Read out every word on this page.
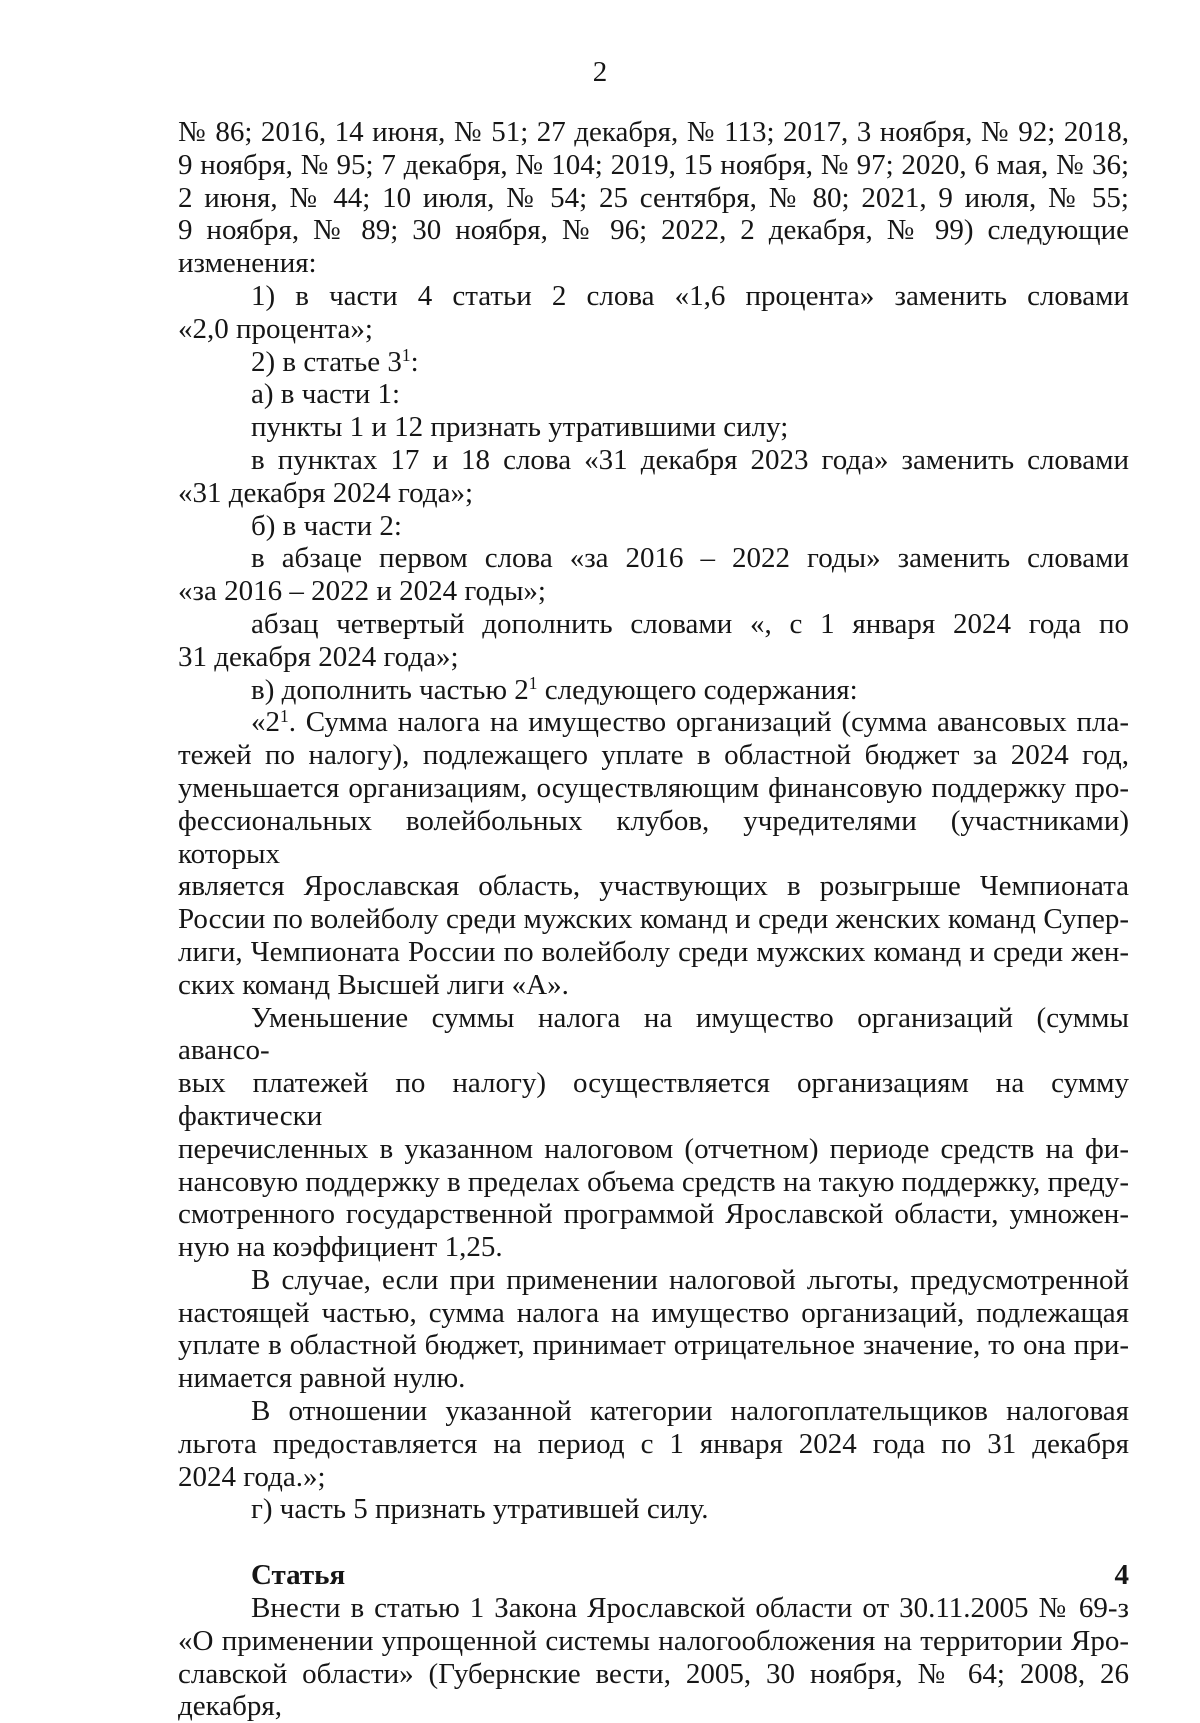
2

№ 86; 2016, 14 июня, № 51; 27 декабря, № 113; 2017, 3 ноября, № 92; 2018,

9 ноября, № 95; 7 декабря, № 104; 2019, 15 ноября, № 97; 2020, 6 мая, № 36;

2 июня, № 44; 10 июля, № 54; 25 сентября, № 80; 2021, 9 июля, № 55;

9 ноября, № 89; 30 ноября, № 96; 2022, 2 декабря, № 99) следующие

изменения:

1) в части 4 статьи 2 слова «1,6 процента» заменить словами

«2,0 процента»;

2) в статье $3^1$:

а) в части 1:

пункты 1 и 12 признать утратившими силу;

в пунктах 17 и 18 слова «31 декабря 2023 года» заменить словами

«31 декабря 2024 года»;

б) в части 2:

в абзаце первом слова «за 2016 – 2022 годы» заменить словами

«за 2016 – 2022 и 2024 годы»;

абзац четвертый дополнить словами «, с 1 января 2024 года по

31 декабря 2024 года»;

в) дополнить частью $2^1$ следующего содержания:

«$2^1$. Сумма налога на имущество организаций (сумма авансовых пла-

тежей по налогу), подлежащего уплате в областной бюджет за 2024 год,

уменьшается организациям, осуществляющим финансовую поддержку про-

фессиональных волейбольных клубов, учредителями (участниками) которых

является Ярославская область, участвующих в розыгрыше Чемпионата

России по волейболу среди мужских команд и среди женских команд Супер-

лиги, Чемпионата России по волейболу среди мужских команд и среди жен-

ских команд Высшей лиги «А».

Уменьшение суммы налога на имущество организаций (суммы авансо-

вых платежей по налогу) осуществляется организациям на сумму фактически

перечисленных в указанном налоговом (отчетном) периоде средств на фи-

нансовую поддержку в пределах объема средств на такую поддержку, преду-

смотренного государственной программой Ярославской области, умножен-

ную на коэффициент 1,25.

В случае, если при применении налоговой льготы, предусмотренной

настоящей частью, сумма налога на имущество организаций, подлежащая

уплате в областной бюджет, принимает отрицательное значение, то она при-

нимается равной нулю.

В отношении указанной категории налогоплательщиков налоговая

льгота предоставляется на период с 1 января 2024 года по 31 декабря

2024 года.»;

г) часть 5 признать утратившей силу.

Статья 4

Внести в статью 1 Закона Ярославской области от 30.11.2005 № 69-з

«О применении упрощенной системы налогообложения на территории Яро-

славской области» (Губернские вести, 2005, 30 ноября, № 64; 2008, 26 декабря,
